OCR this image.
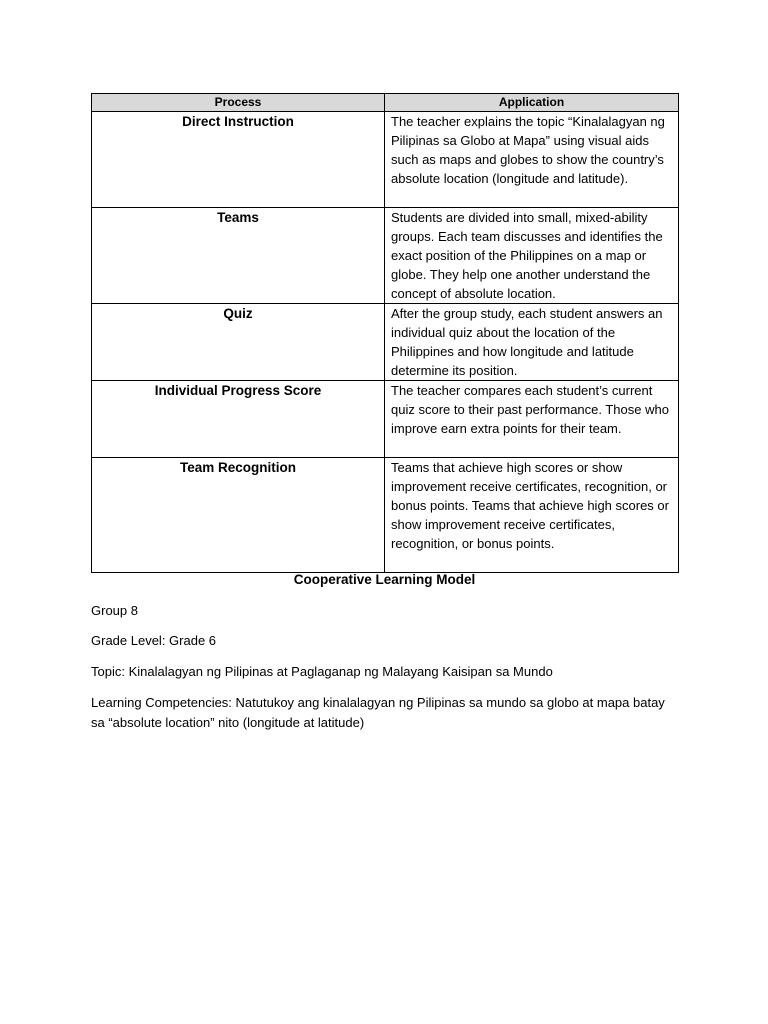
Process	Application
Direct Instruction	The teacher explains the topic “Kinalalagyan ng Pilipinas sa Globo at Mapa” using visual aids such as maps and globes to show the country’s absolute location (longitude and latitude).
Teams	Students are divided into small, mixed-ability groups. Each team discusses and identifies the exact position of the Philippines on a map or globe. They help one another understand the concept of absolute location.
Quiz	After the group study, each student answers an individual quiz about the location of the Philippines and how longitude and latitude determine its position.
Individual Progress Score	The teacher compares each student’s current quiz score to their past performance. Those who improve earn extra points for their team.
Team Recognition	Teams that achieve high scores or show improvement receive certificates, recognition, or bonus points. Teams that achieve high scores or show improvement receive certificates, recognition, or bonus points.
Cooperative Learning Model
Group 8
Grade Level: Grade 6
Topic: Kinalalagyan ng Pilipinas at Paglaganap ng Malayang Kaisipan sa Mundo
Learning Competencies: Natutukoy ang kinalalagyan ng Pilipinas sa mundo sa globo at mapa batay sa “absolute location” nito (longitude at latitude)
